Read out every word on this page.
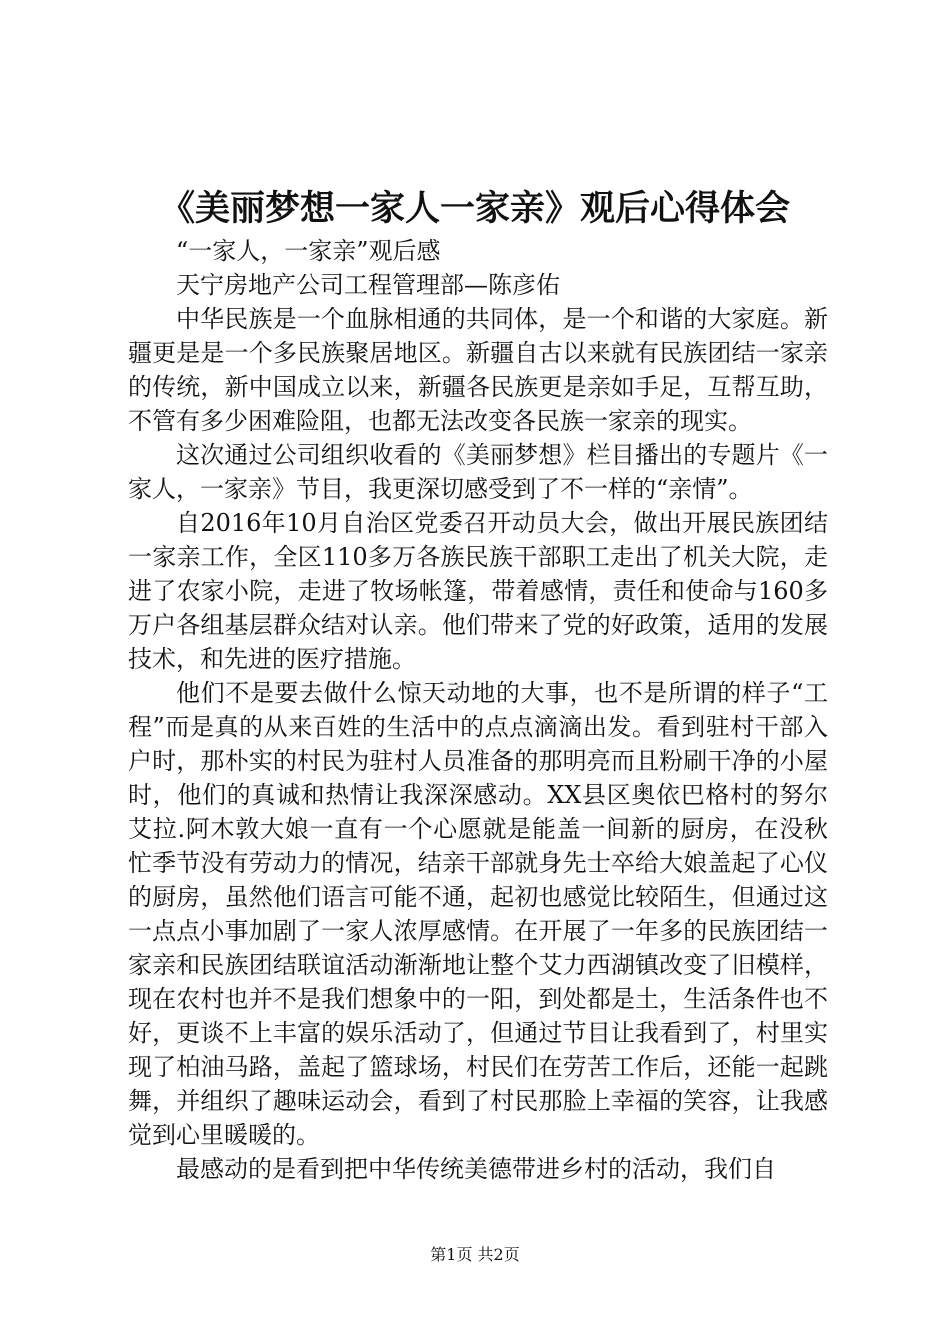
《美丽梦想一家人一家亲》观后心得体会

“一家人，一家亲”观后感

天宁房地产公司工程管理部—陈彦佑

中华民族是一个血脉相通的共同体，是一个和谐的大家庭。新疆更是是一个多民族聚居地区。新疆自古以来就有民族团结一家亲的传统，新中国成立以来，新疆各民族更是亲如手足，互帮互助，不管有多少困难险阻，也都无法改变各民族一家亲的现实。

这次通过公司组织收看的《美丽梦想》栏目播出的专题片《一家人，一家亲》节目，我更深切感受到了不一样的“亲情”。

自2016年10月自治区党委召开动员大会，做出开展民族团结一家亲工作，全区110多万各族民族干部职工走出了机关大院，走进了农家小院，走进了牧场帐篷，带着感情，责任和使命与160多万户各组基层群众结对认亲。他们带来了党的好政策，适用的发展技术，和先进的医疗措施。

他们不是要去做什么惊天动地的大事，也不是所谓的样子“工程”而是真的从来百姓的生活中的点点滴滴出发。看到驻村干部入户时，那朴实的村民为驻村人员准备的那明亮而且粉刷干净的小屋时，他们的真诚和热情让我深深感动。XX县区奥依巴格村的努尔艾拉.阿木敦大娘一直有一个心愿就是能盖一间新的厨房，在没秋忙季节没有劳动力的情况，结亲干部就身先士卒给大娘盖起了心仪的厨房，虽然他们语言可能不通，起初也感觉比较陌生，但通过这一点点小事加剧了一家人浓厚感情。在开展了一年多的民族团结一家亲和民族团结联谊活动渐渐地让整个艾力西湖镇改变了旧模样，现在农村也并不是我们想象中的一阳，到处都是土，生活条件也不好，更谈不上丰富的娱乐活动了，但通过节目让我看到了，村里实现了柏油马路，盖起了篮球场，村民们在劳苦工作后，还能一起跳舞，并组织了趣味运动会，看到了村民那脸上幸福的笑容，让我感觉到心里暖暖的。

最感动的是看到把中华传统美德带进乡村的活动，我们自

第1页 共2页
